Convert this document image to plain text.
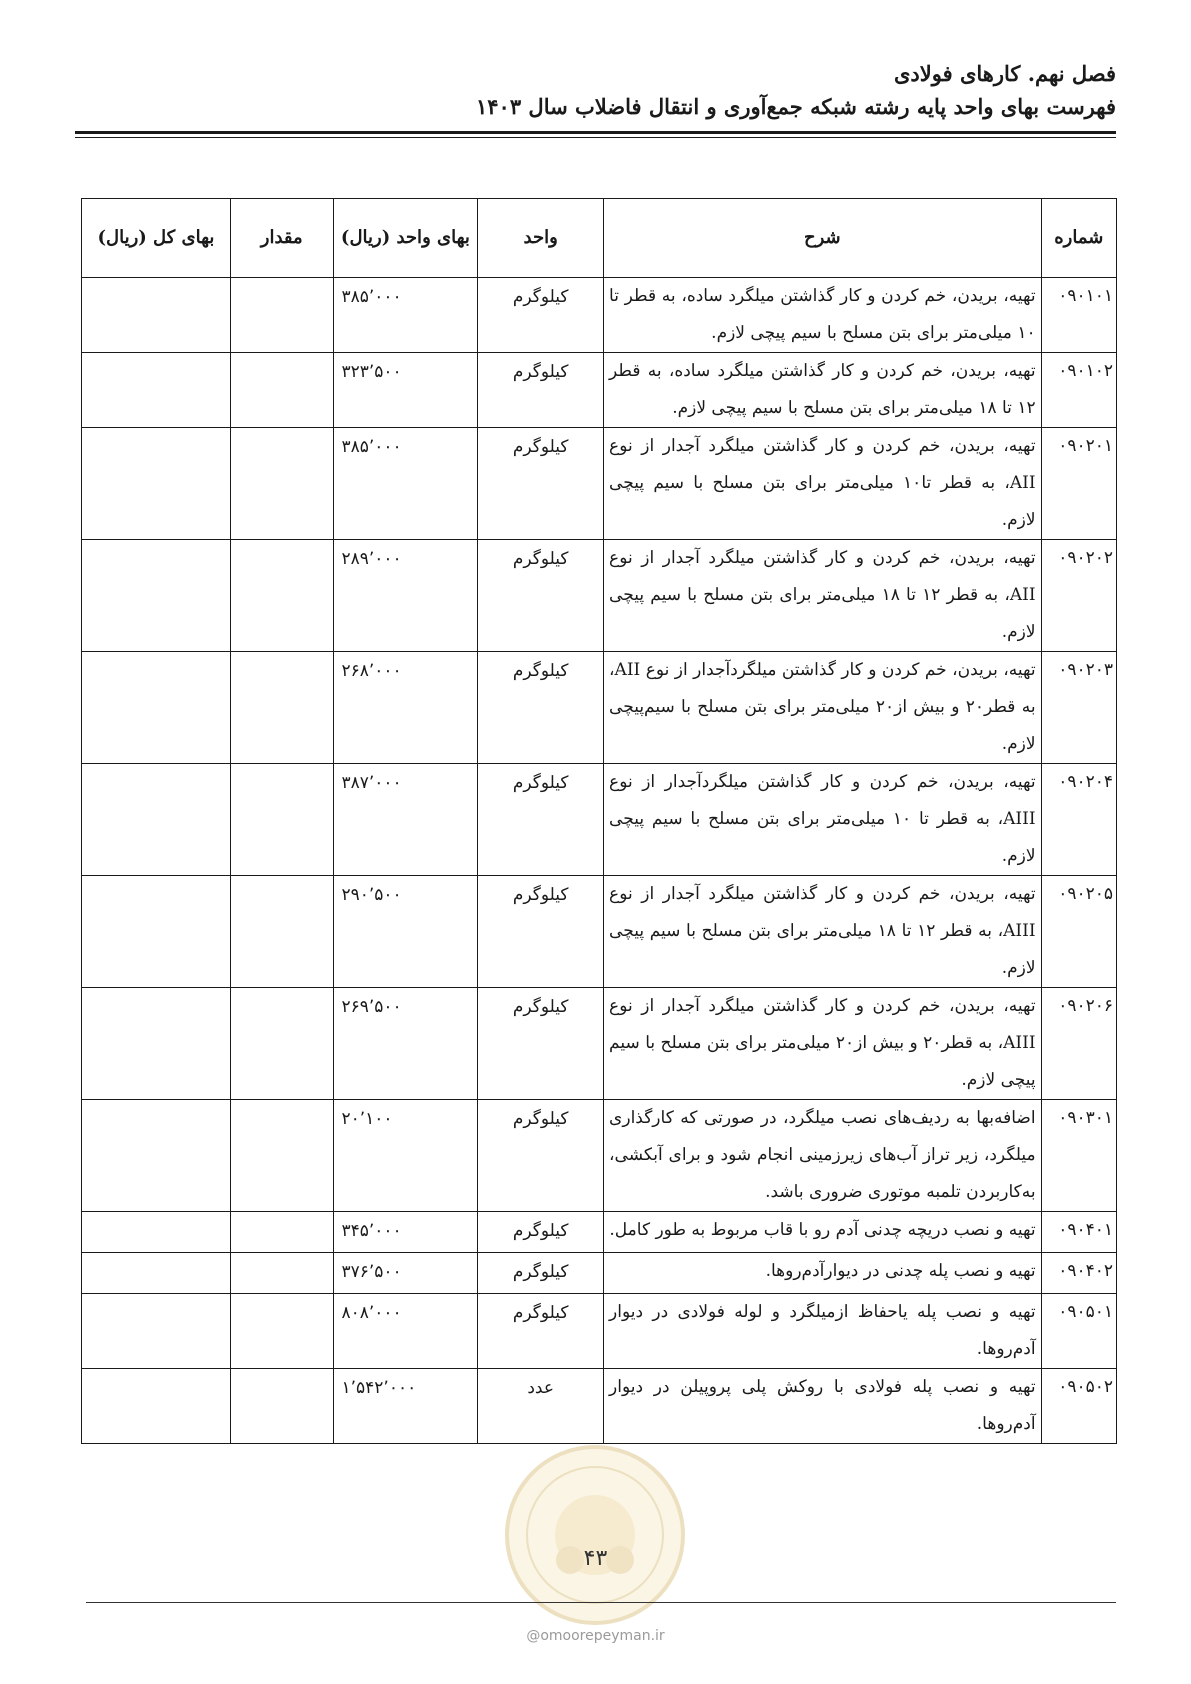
فصل نهم. کارهای فولادی
فهرست بهای واحد پایه رشته شبکه جمع‌آوری و انتقال فاضلاب سال ۱۴۰۳
شماره	شرح	واحد	بهای واحد (ریال)	مقدار	بهای کل (ریال)
۰۹۰۱۰۱	تهیه، بریدن، خم کردن و کار گذاشتن میلگرد ساده، به قطر تا ۱۰ میلی‌متر برای بتن مسلح با سیم پیچی لازم.	کیلوگرم	۳۸۵٬۰۰۰		
۰۹۰۱۰۲	تهیه، بریدن، خم کردن و کار گذاشتن میلگرد ساده، به قطر ۱۲ تا ۱۸ میلی‌متر برای بتن مسلح با سیم پیچی لازم.	کیلوگرم	۳۲۳٬۵۰۰		
۰۹۰۲۰۱	تهیه، بریدن، خم کردن و کار گذاشتن میلگرد آجدار از نوع AII، به قطر تا۱۰ میلی‌متر برای بتن مسلح با سیم پیچی لازم.	کیلوگرم	۳۸۵٬۰۰۰		
۰۹۰۲۰۲	تهیه، بریدن، خم کردن و کار گذاشتن میلگرد آجدار از نوع AII، به قطر ۱۲ تا ۱۸ میلی‌متر برای بتن مسلح با سیم پیچی لازم.	کیلوگرم	۲۸۹٬۰۰۰		
۰۹۰۲۰۳	تهیه، بریدن، خم کردن و کار گذاشتن میلگردآجدار از نوع AII، به قطر۲۰ و بیش از۲۰ میلی‌متر برای بتن مسلح با سیم‌پیچی لازم.	کیلوگرم	۲۶۸٬۰۰۰		
۰۹۰۲۰۴	تهیه، بریدن، خم کردن و کار گذاشتن میلگردآجدار از نوع AIII، به قطر تا ۱۰ میلی‌متر برای بتن مسلح با سیم پیچی لازم.	کیلوگرم	۳۸۷٬۰۰۰		
۰۹۰۲۰۵	تهیه، بریدن، خم کردن و کار گذاشتن میلگرد آجدار از نوع AIII، به قطر ۱۲ تا ۱۸ میلی‌متر برای بتن مسلح با سیم پیچی لازم.	کیلوگرم	۲۹۰٬۵۰۰		
۰۹۰۲۰۶	تهیه، بریدن، خم کردن و کار گذاشتن میلگرد آجدار از نوع AIII، به قطر۲۰ و بیش از۲۰ میلی‌متر برای بتن مسلح با سیم پیچی لازم.	کیلوگرم	۲۶۹٬۵۰۰		
۰۹۰۳۰۱	اضافه‌بها به ردیف‌های نصب میلگرد، در صورتی که کارگذاری میلگرد، زیر تراز آب‌های زیرزمینی انجام شود و برای آبکشی، به‌کاربردن تلمبه موتوری ضروری باشد.	کیلوگرم	۲۰٬۱۰۰		
۰۹۰۴۰۱	تهیه و نصب دریچه چدنی آدم رو با قاب مربوط به طور کامل.	کیلوگرم	۳۴۵٬۰۰۰		
۰۹۰۴۰۲	تهیه و نصب پله چدنی در دیوارآدم‌روها.	کیلوگرم	۳۷۶٬۵۰۰		
۰۹۰۵۰۱	تهیه و نصب پله یاحفاظ ازمیلگرد و لوله فولادی در دیوار آدم‌روها.	کیلوگرم	۸۰۸٬۰۰۰		
۰۹۰۵۰۲	تهیه و نصب پله فولادی با روکش پلی پروپیلن در دیوار آدم‌روها.	عدد	۱٬۵۴۲٬۰۰۰		
۴۳
@omoorepeyman.ir
